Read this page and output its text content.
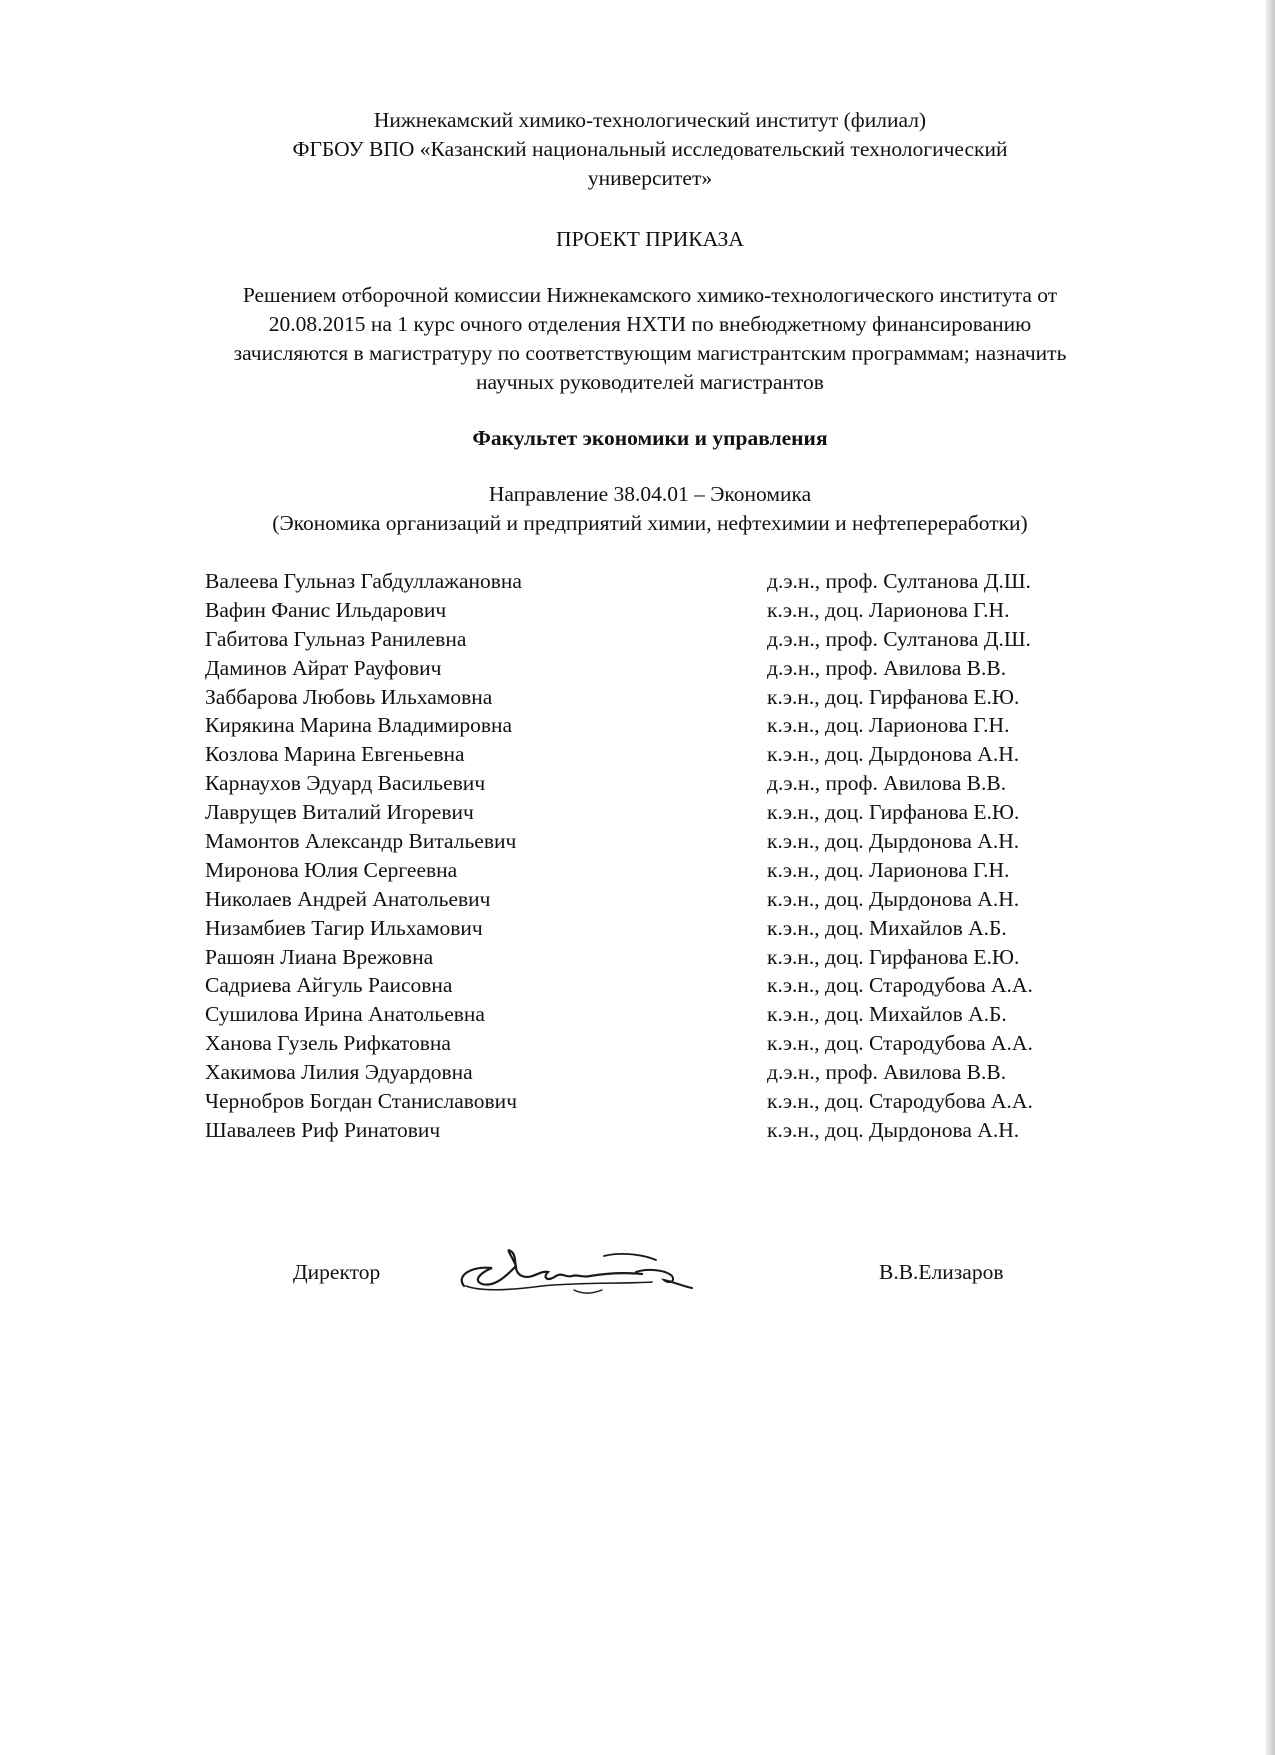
Нижнекамский химико-технологический институт (филиал)
ФГБОУ ВПО «Казанский национальный исследовательский технологический
университет»
ПРОЕКТ ПРИКАЗА
Решением отборочной комиссии Нижнекамского химико-технологического института от
20.08.2015 на 1 курс очного отделения НХТИ по внебюджетному финансированию
зачисляются в магистратуру по соответствующим магистрантским программам; назначить
научных руководителей магистрантов
Факультет экономики и управления
Направление 38.04.01 – Экономика
(Экономика организаций и предприятий химии, нефтехимии и нефтепереработки)
Валеева Гульназ Габдуллажановна	д.э.н., проф. Султанова Д.Ш.
Вафин Фанис Ильдарович	к.э.н., доц. Ларионова Г.Н.
Габитова Гульназ Ранилевна	д.э.н., проф. Султанова Д.Ш.
Даминов Айрат Рауфович	д.э.н., проф. Авилова В.В.
Заббарова Любовь Ильхамовна	к.э.н., доц. Гирфанова Е.Ю.
Кирякина Марина Владимировна	к.э.н., доц. Ларионова Г.Н.
Козлова Марина Евгеньевна	к.э.н., доц. Дырдонова А.Н.
Карнаухов Эдуард Васильевич	д.э.н., проф. Авилова В.В.
Лаврущев Виталий Игоревич	к.э.н., доц. Гирфанова Е.Ю.
Мамонтов Александр Витальевич	к.э.н., доц. Дырдонова А.Н.
Миронова Юлия Сергеевна	к.э.н., доц. Ларионова Г.Н.
Николаев Андрей Анатольевич	к.э.н., доц. Дырдонова А.Н.
Низамбиев Тагир Ильхамович	к.э.н., доц. Михайлов А.Б.
Рашоян Лиана Врежовна	к.э.н., доц. Гирфанова Е.Ю.
Садриева Айгуль Раисовна	к.э.н., доц. Стародубова А.А.
Сушилова Ирина Анатольевна	к.э.н., доц. Михайлов А.Б.
Ханова Гузель Рифкатовна	к.э.н., доц. Стародубова А.А.
Хакимова Лилия Эдуардовна	д.э.н., проф. Авилова В.В.
Чернобров Богдан Станиславович	к.э.н., доц. Стародубова А.А.
Шавалеев Риф Ринатович	к.э.н., доц. Дырдонова А.Н.
Директор	В.В.Елизаров
